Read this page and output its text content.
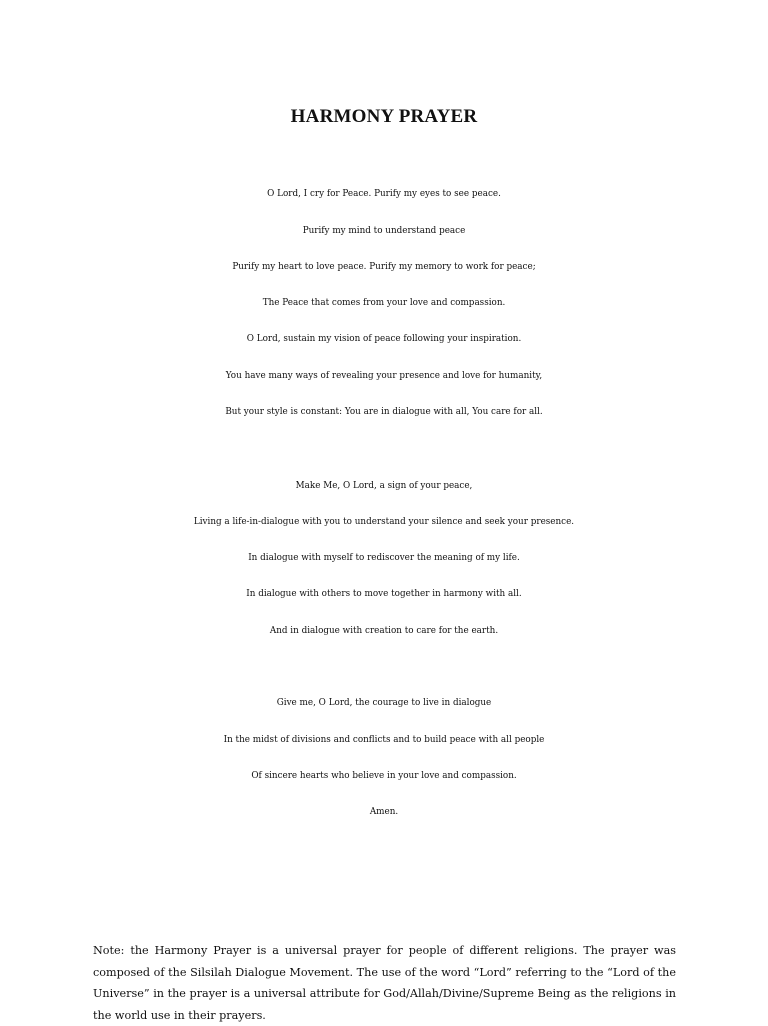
HARMONY PRAYER
O Lord, I cry for Peace. Purify my eyes to see peace.
Purify my mind to understand peace
Purify my heart to love peace. Purify my memory to work for peace;
The Peace that comes from your love and compassion.
O Lord, sustain my vision of peace following your inspiration.
You have many ways of revealing your presence and love for humanity,
But your style is constant: You are in dialogue with all, You care for all.
Make Me, O Lord, a sign of your peace,
Living a life-in-dialogue with you to understand your silence and seek your presence.
In dialogue with myself to rediscover the meaning of my life.
In dialogue with others to move together in harmony with all.
And in dialogue with creation to care for the earth.
Give me, O Lord, the courage to live in dialogue
In the midst of divisions and conflicts and to build peace with all people
Of sincere hearts who believe in your love and compassion.
Amen.
Note: the Harmony Prayer is a universal prayer for people of different religions. The prayer was composed of the Silsilah Dialogue Movement. The use of the word “Lord” referring to the “Lord of the Universe” in the prayer is a universal attribute for God/Allah/Divine/Supreme Being as the religions in the world use in their prayers.
